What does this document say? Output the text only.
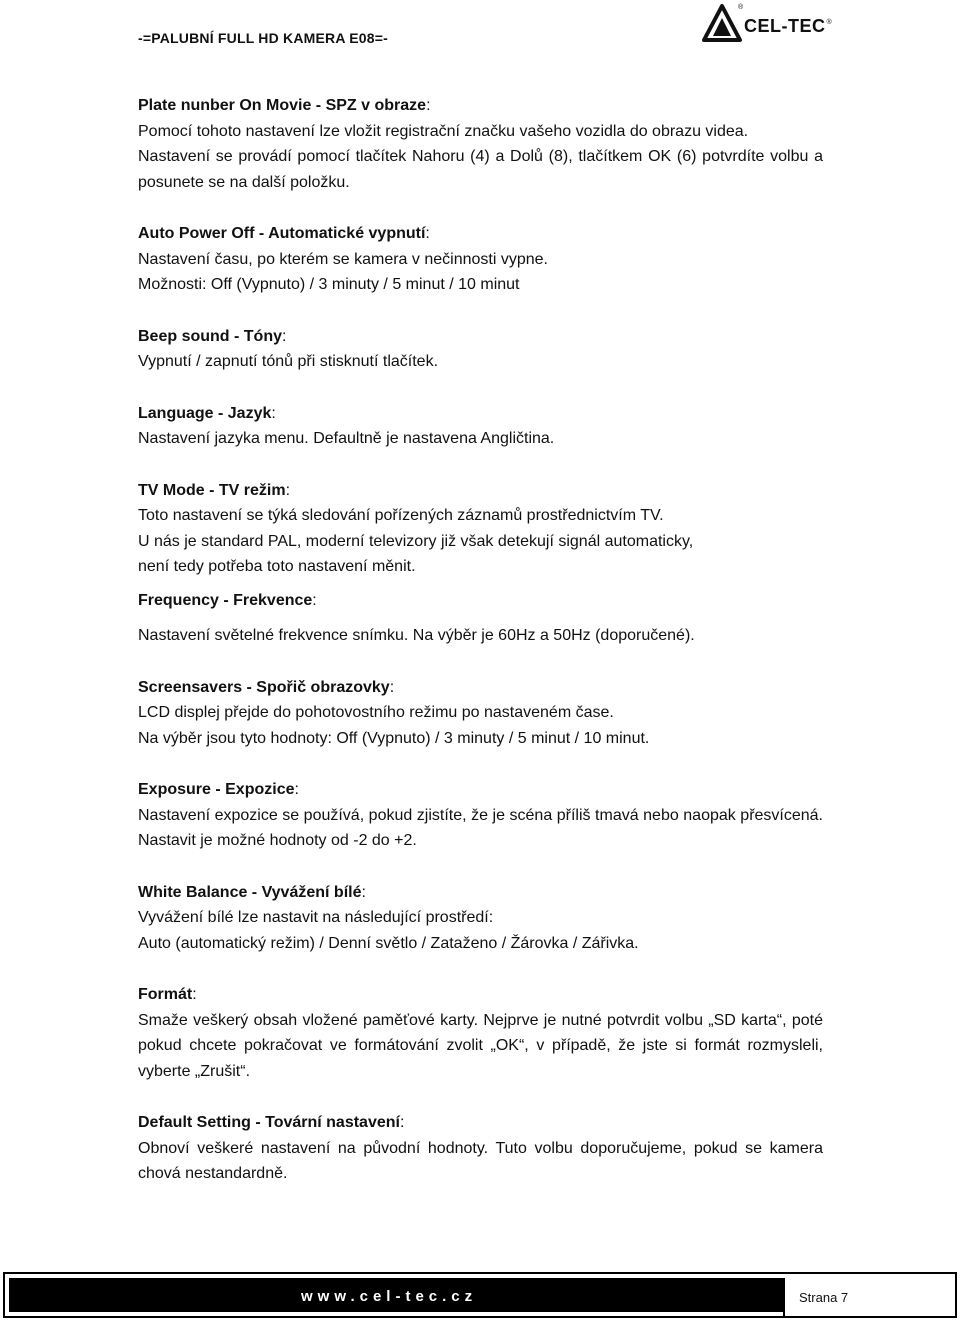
-=PALUBNÍ FULL HD KAMERA E08=-
®
CEL-TEC®

Plate nunber On Movie - SPZ v obraze:

Pomocí tohoto nastavení lze vložit registrační značku vašeho vozidla do obrazu videa.

Nastavení se provádí pomocí tlačítek Nahoru (4) a Dolů (8), tlačítkem OK (6) potvrdíte volbu a posunete se na další položku.

Auto Power Off - Automatické vypnutí:

Nastavení času, po kterém se kamera v nečinnosti vypne.

Možnosti: Off (Vypnuto) / 3 minuty / 5 minut / 10 minut

Beep sound - Tóny:

Vypnutí / zapnutí tónů při stisknutí tlačítek.

Language - Jazyk:

Nastavení jazyka menu. Defaultně je nastavena Angličtina.

TV Mode - TV režim:

Toto nastavení se týká sledování pořízených záznamů prostřednictvím TV.

U nás je standard PAL, moderní televizory již však detekují signál automaticky,

není tedy potřeba toto nastavení měnit.

Frequency - Frekvence:

Nastavení světelné frekvence snímku. Na výběr je 60Hz a 50Hz (doporučené).

Screensavers - Spořič obrazovky:

LCD displej přejde do pohotovostního režimu po nastaveném čase.

Na výběr jsou tyto hodnoty: Off (Vypnuto) / 3 minuty / 5 minut / 10 minut.

Exposure - Expozice:

Nastavení expozice se používá, pokud zjistíte, že je scéna příliš tmavá nebo naopak přesvícená. Nastavit je možné hodnoty od -2 do +2.

White Balance - Vyvážení bílé:

Vyvážení bílé lze nastavit na následující prostředí:

Auto (automatický režim) / Denní světlo / Zataženo / Žárovka / Zářivka.

Formát:

Smaže veškerý obsah vložené paměťové karty. Nejprve je nutné potvrdit volbu „SD karta“, poté pokud chcete pokračovat ve formátování zvolit „OK“, v případě, že jste si formát rozmysleli, vyberte „Zrušit“.

Default Setting - Tovární nastavení:

Obnoví veškeré nastavení na původní hodnoty. Tuto volbu doporučujeme, pokud se kamera chová nestandardně.

www.cel-tec.cz	Strana 7
